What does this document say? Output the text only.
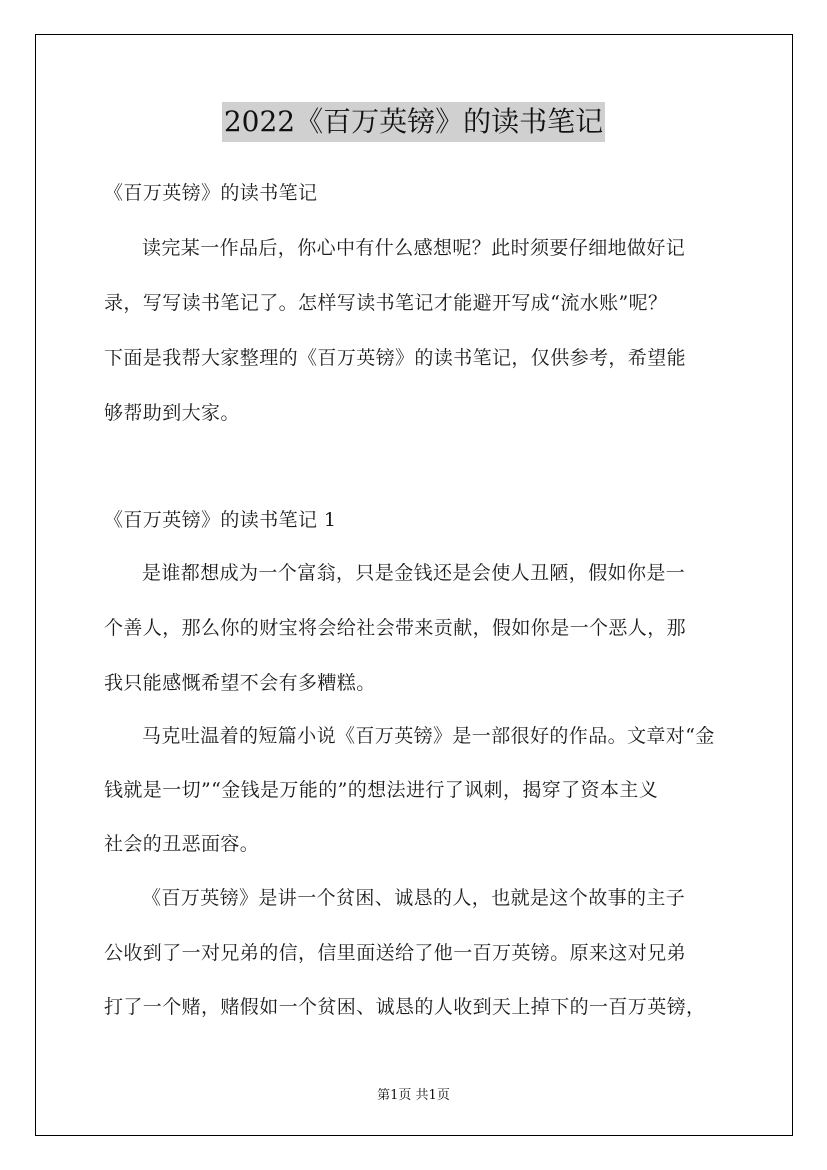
2022《百万英镑》的读书笔记

《百万英镑》的读书笔记

读完某一作品后，你心中有什么感想呢？此时须要仔细地做好记

录，写写读书笔记了。怎样写读书笔记才能避开写成“流水账”呢？

下面是我帮大家整理的《百万英镑》的读书笔记，仅供参考，希望能

够帮助到大家。

《百万英镑》的读书笔记 1

是谁都想成为一个富翁，只是金钱还是会使人丑陋，假如你是一

个善人，那么你的财宝将会给社会带来贡献，假如你是一个恶人，那

我只能感慨希望不会有多糟糕。

马克吐温着的短篇小说《百万英镑》是一部很好的作品。文章对“金

钱就是一切”“金钱是万能的”的想法进行了讽刺，揭穿了资本主义

社会的丑恶面容。

《百万英镑》是讲一个贫困、诚恳的人，也就是这个故事的主子

公收到了一对兄弟的信，信里面送给了他一百万英镑。原来这对兄弟

打了一个赌，赌假如一个贫困、诚恳的人收到天上掉下的一百万英镑，

第1页 共1页
